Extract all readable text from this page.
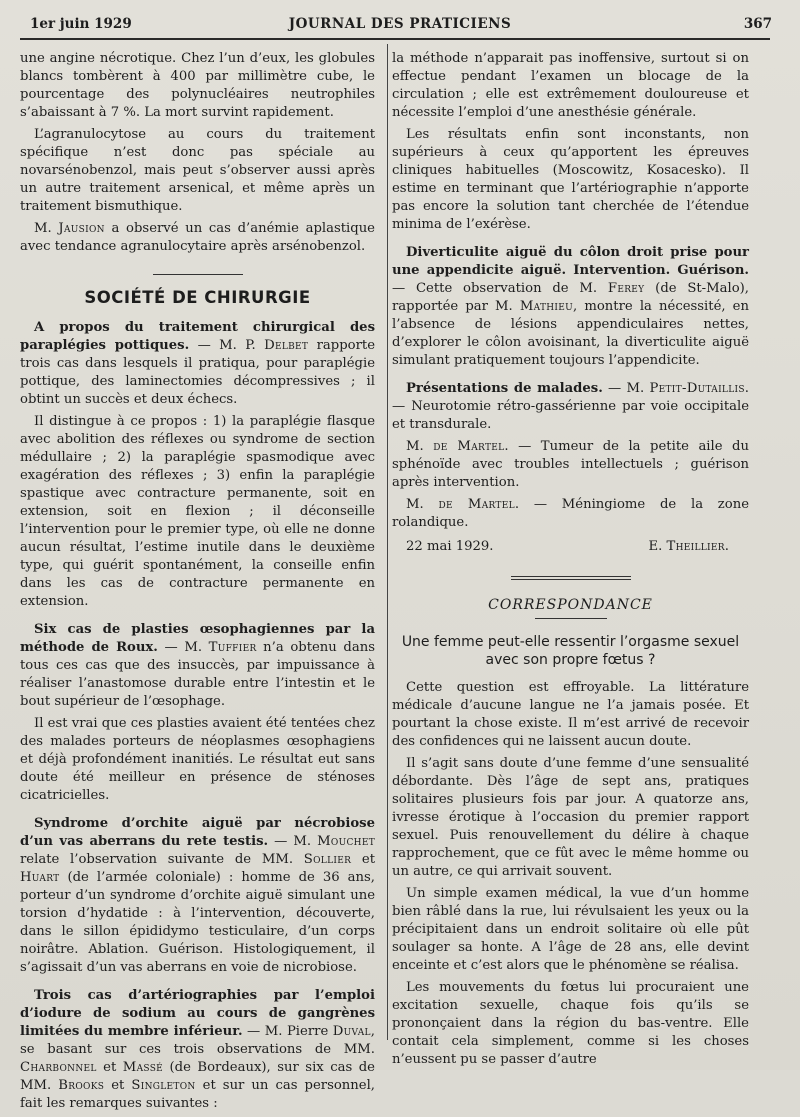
1er juin 1929	JOURNAL DES PRATICIENS	367

une angine nécrotique. Chez l’un d’eux, les globules blancs tombèrent à 400 par millimètre cube, le pourcentage des polynucléaires neutrophiles s’abaissant à 7 %. La mort survint rapidement.

L’agranulocytose au cours du traitement spécifique n’est donc pas spéciale au novarsénobenzol, mais peut s’observer aussi après un autre traitement arsenical, et même après un traitement bismuthique.

M. Jausion a observé un cas d’anémie aplastique avec tendance agranulocytaire après arsénobenzol.

SOCIÉTÉ DE CHIRURGIE

A propos du traitement chirurgical des paraplégies pottiques. — M. P. Delbet rapporte trois cas dans lesquels il pratiqua, pour paraplégie pottique, des laminectomies décompressives ; il obtint un succès et deux échecs.

Il distingue à ce propos : 1) la paraplégie flasque avec abolition des réflexes ou syndrome de section médullaire ; 2) la paraplégie spasmodique avec exagération des réflexes ; 3) enfin la paraplégie spastique avec contracture permanente, soit en extension, soit en flexion ; il déconseille l’intervention pour le premier type, où elle ne donne aucun résultat, l’estime inutile dans le deuxième type, qui guérit spontanément, la conseille enfin dans les cas de contracture permanente en extension.

Six cas de plasties œsophagiennes par la méthode de Roux. — M. Tuffier n’a obtenu dans tous ces cas que des insuccès, par impuissance à réaliser l’anastomose durable entre l’intestin et le bout supérieur de l’œsophage.

Il est vrai que ces plasties avaient été tentées chez des malades porteurs de néoplasmes œsophagiens et déjà profondément inanitiés. Le résultat eut sans doute été meilleur en présence de sténoses cicatricielles.

Syndrome d’orchite aiguë par nécrobiose d’un vas aberrans du rete testis. — M. Mouchet relate l’observation suivante de MM. Sollier et Huart (de l’armée coloniale) : homme de 36 ans, porteur d’un syndrome d’orchite aiguë simulant une torsion d’hydatide : à l’intervention, découverte, dans le sillon épididymo testiculaire, d’un corps noirâtre. Ablation. Guérison. Histologiquement, il s’agissait d’un vas aberrans en voie de nicrobiose.

Trois cas d’artériographies par l’emploi d’iodure de sodium au cours de gangrènes limitées du membre inférieur. — M. Pierre Duval, se basant sur ces trois observations de MM. Charbonnel et Massé (de Bordeaux), sur six cas de MM. Brooks et Singleton et sur un cas personnel, fait les remarques suivantes :

la méthode n’apparait pas inoffensive, surtout si on effectue pendant l’examen un blocage de la circulation ; elle est extrêmement douloureuse et nécessite l’emploi d’une anesthésie générale.

Les résultats enfin sont inconstants, non supérieurs à ceux qu’apportent les épreuves cliniques habituelles (Moscowitz, Kosacesko). Il estime en terminant que l’artériographie n’apporte pas encore la solution tant cherchée de l’étendue minima de l’exérèse.

Diverticulite aiguë du côlon droit prise pour une appendicite aiguë. Intervention. Guérison. — Cette observation de M. Ferey (de St-Malo), rapportée par M. Mathieu, montre la nécessité, en l’absence de lésions appendiculaires nettes, d’explorer le côlon avoisinant, la diverticulite aiguë simulant pratiquement toujours l’appendicite.

Présentations de malades. — M. Petit-Dutaillis. — Neurotomie rétro-gassérienne par voie occipitale et transdurale.

M. de Martel. — Tumeur de la petite aile du sphénoïde avec troubles intellectuels ; guérison après intervention.

M. de Martel. — Méningiome de la zone rolandique.

22 mai 1929.	E. Theillier.
CORRESPONDANCE
Une femme peut-elle ressentir l’orgasme sexuel avec son propre fœtus ?

Cette question est effroyable. La littérature médicale d’aucune langue ne l’a jamais posée. Et pourtant la chose existe. Il m’est arrivé de recevoir des confidences qui ne laissent aucun doute.

Il s’agit sans doute d’une femme d’une sensualité débordante. Dès l’âge de sept ans, pratiques solitaires plusieurs fois par jour. A quatorze ans, ivresse érotique à l’occasion du premier rapport sexuel. Puis renouvellement du délire à chaque rapprochement, que ce fût avec le même homme ou un autre, ce qui arrivait souvent.

Un simple examen médical, la vue d’un homme bien râblé dans la rue, lui révulsaient les yeux ou la précipitaient dans un endroit solitaire où elle pût soulager sa honte. A l’âge de 28 ans, elle devint enceinte et c’est alors que le phénomène se réalisa.

Les mouvements du fœtus lui procuraient une excitation sexuelle, chaque fois qu’ils se prononçaient dans la région du bas-ventre. Elle contait cela simplement, comme si les choses n’eussent pu se passer d’autre
